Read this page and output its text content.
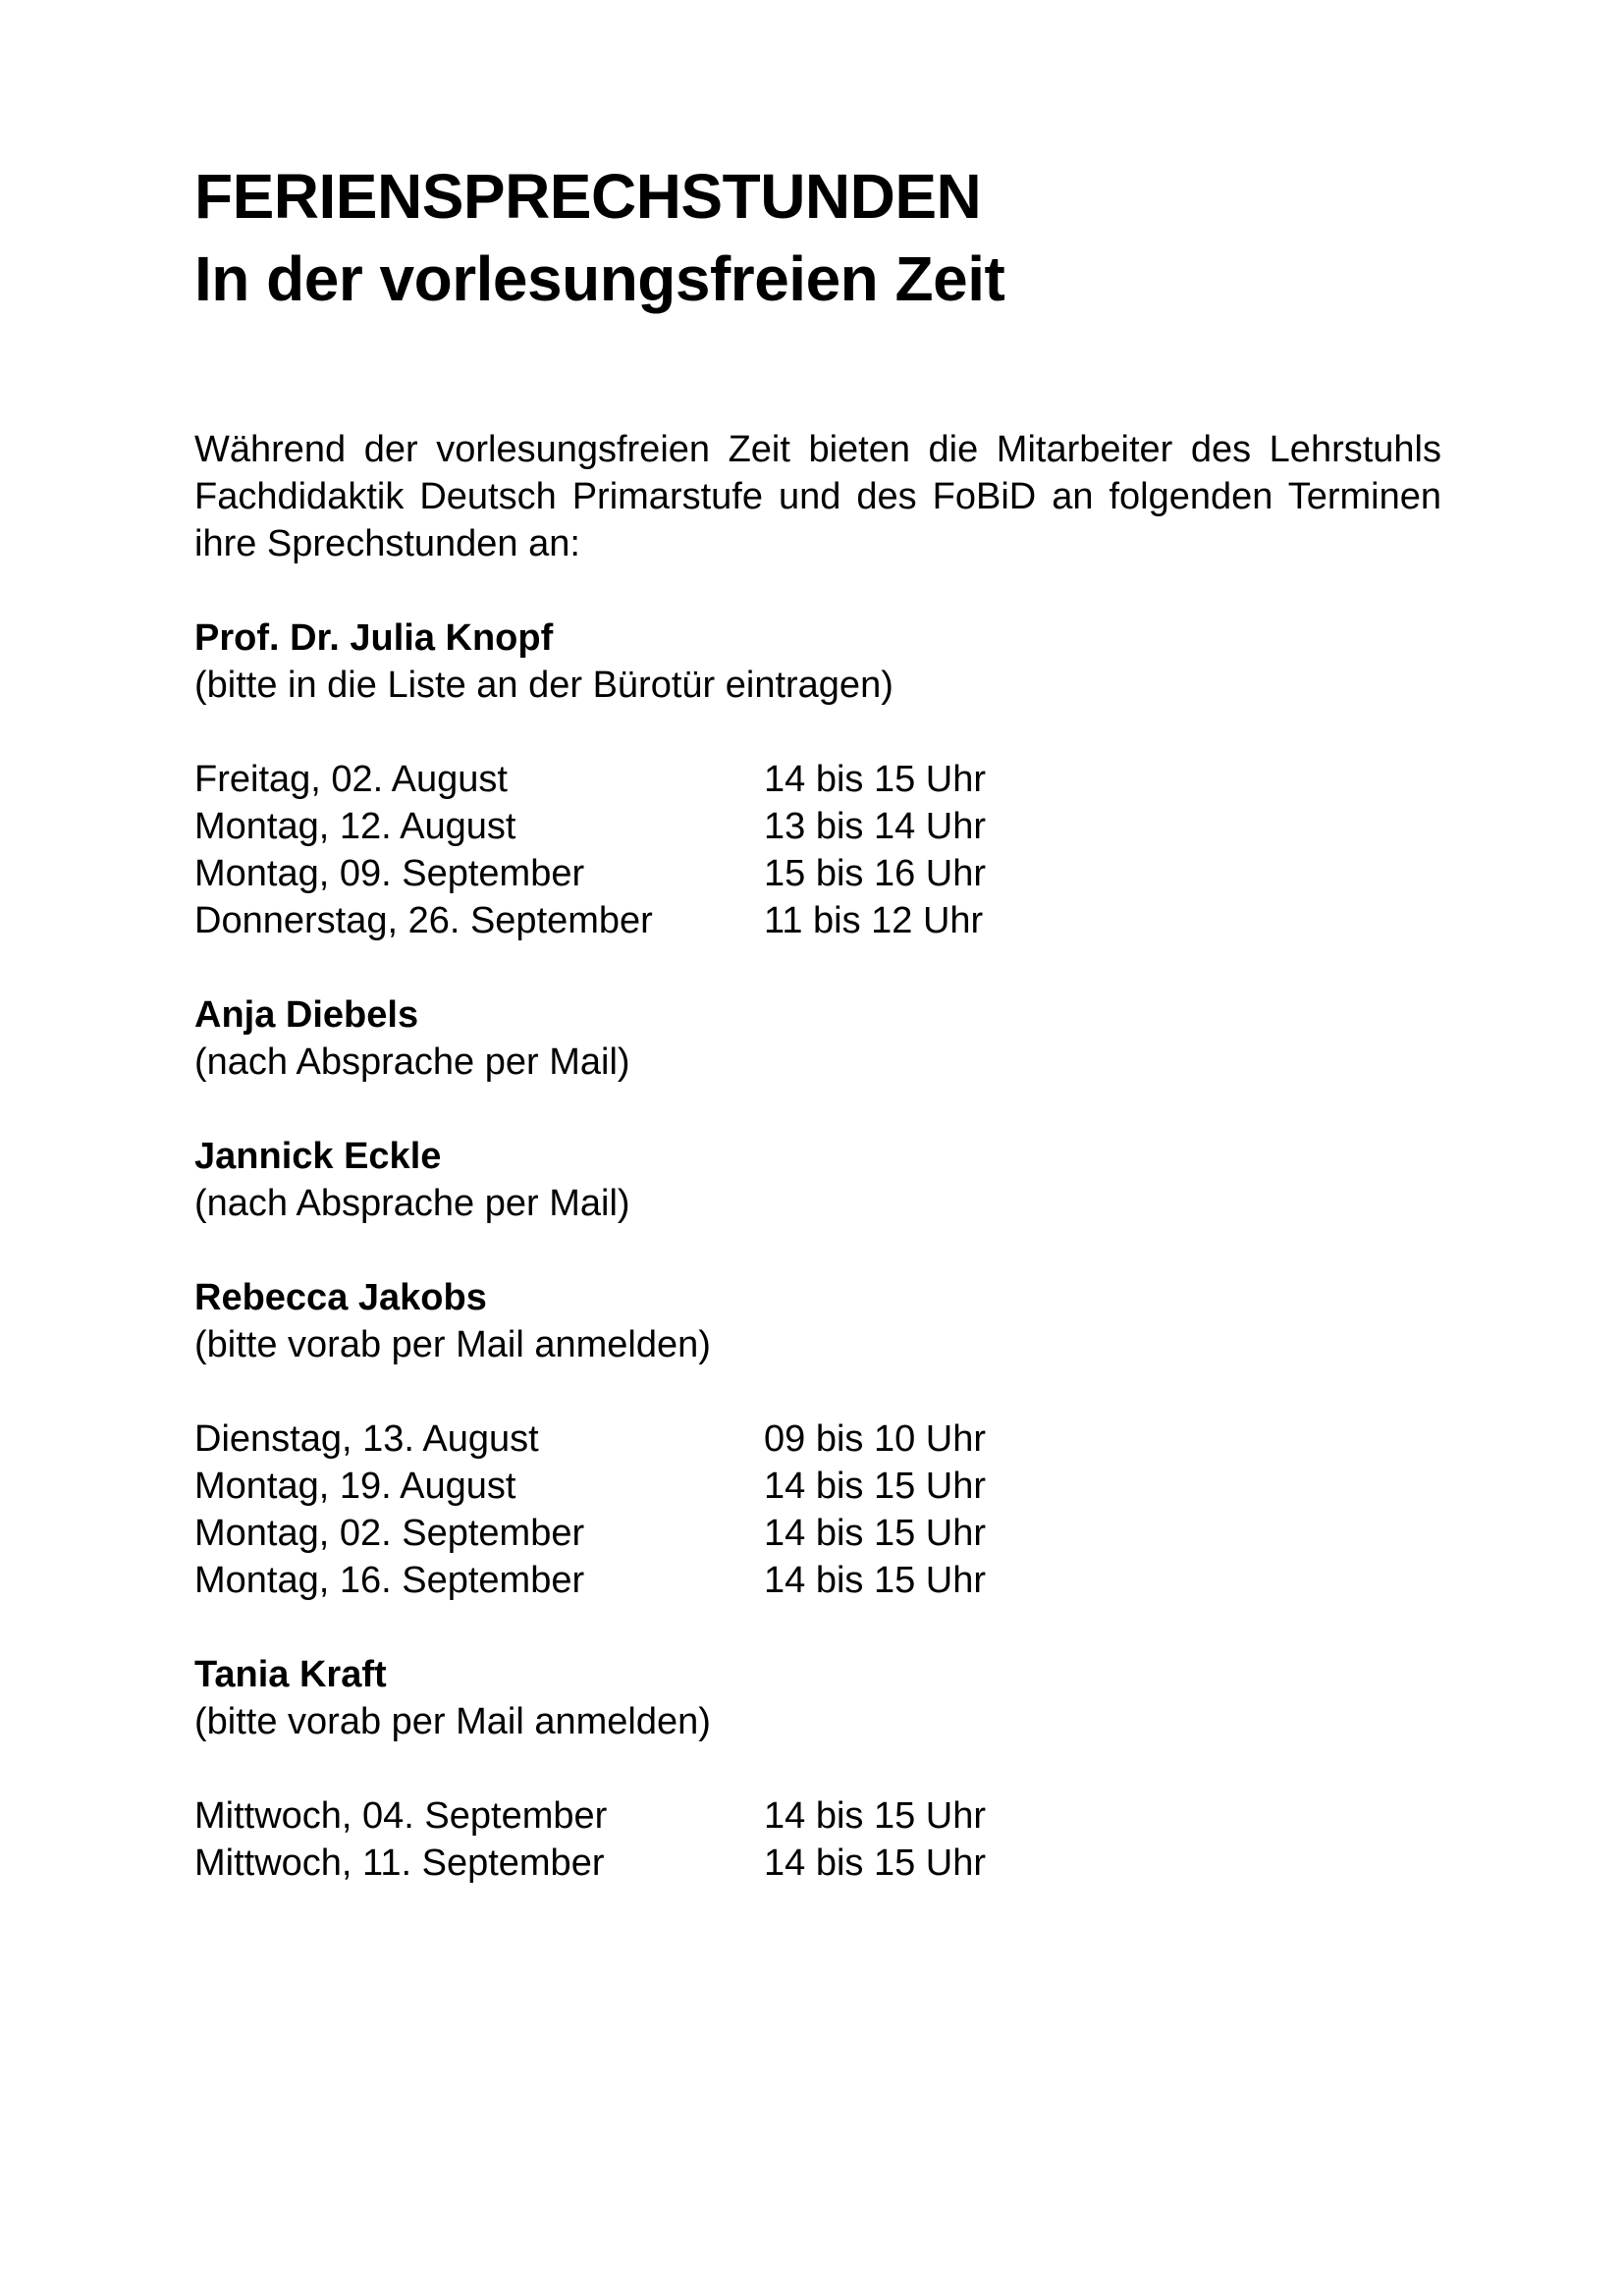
FERIENSPRECHSTUNDEN
In der vorlesungsfreien Zeit

Während der vorlesungsfreien Zeit bieten die Mitarbeiter des Lehrstuhls Fachdidaktik Deutsch Primarstufe und des FoBiD an folgenden Terminen ihre Sprechstunden an:

Prof. Dr. Julia Knopf

(bitte in die Liste an der Bürotür eintragen)

Freitag, 02. August	14 bis 15 Uhr
Montag, 12. August	13 bis 14 Uhr
Montag, 09. September	15 bis 16 Uhr
Donnerstag, 26. September	11 bis 12 Uhr

Anja Diebels

(nach Absprache per Mail)

Jannick Eckle

(nach Absprache per Mail)

Rebecca Jakobs

(bitte vorab per Mail anmelden)

Dienstag, 13. August	09 bis 10 Uhr
Montag, 19. August	14 bis 15 Uhr
Montag, 02. September	14 bis 15 Uhr
Montag, 16. September	14 bis 15 Uhr

Tania Kraft

(bitte vorab per Mail anmelden)

Mittwoch, 04. September	14 bis 15 Uhr
Mittwoch, 11. September	14 bis 15 Uhr
